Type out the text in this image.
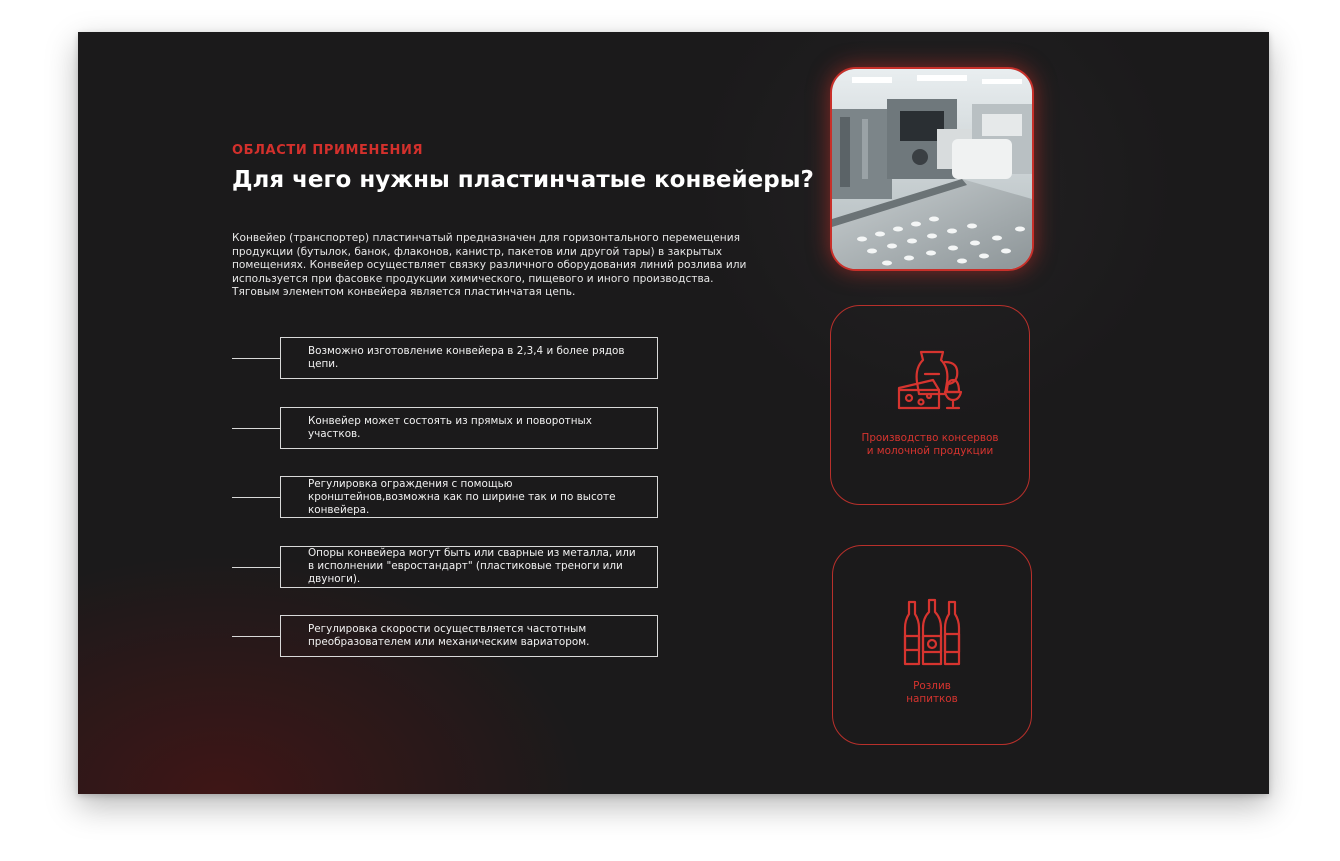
ОБЛАСТИ ПРИМЕНЕНИЯ

Для чего нужны пластинчатые конвейеры?

Конвейер (транспортер) пластинчатый предназначен для горизонтального перемещения продукции (бутылок, банок, флаконов, канистр, пакетов или другой тары) в закрытых помещениях. Конвейер осуществляет связку различного оборудования линий розлива или используется при фасовке продукции химического, пищевого и иного производства. Тяговым элементом конвейера является пластинчатая цепь.

Возможно изготовление конвейера в 2,3,4 и более рядов цепи.
Конвейер может состоять из прямых и поворотных участков.
Регулировка ограждения с помощью кронштейнов,возможна как по ширине так и по высоте конвейера.
Опоры конвейера могут быть или сварные из металла, или в исполнении "евростандарт" (пластиковые треноги или двуноги).
Регулировка скорости осуществляется частотным преобразователем или механическим вариатором.

Производство консервов
и молочной продукции

Розлив
напитков
